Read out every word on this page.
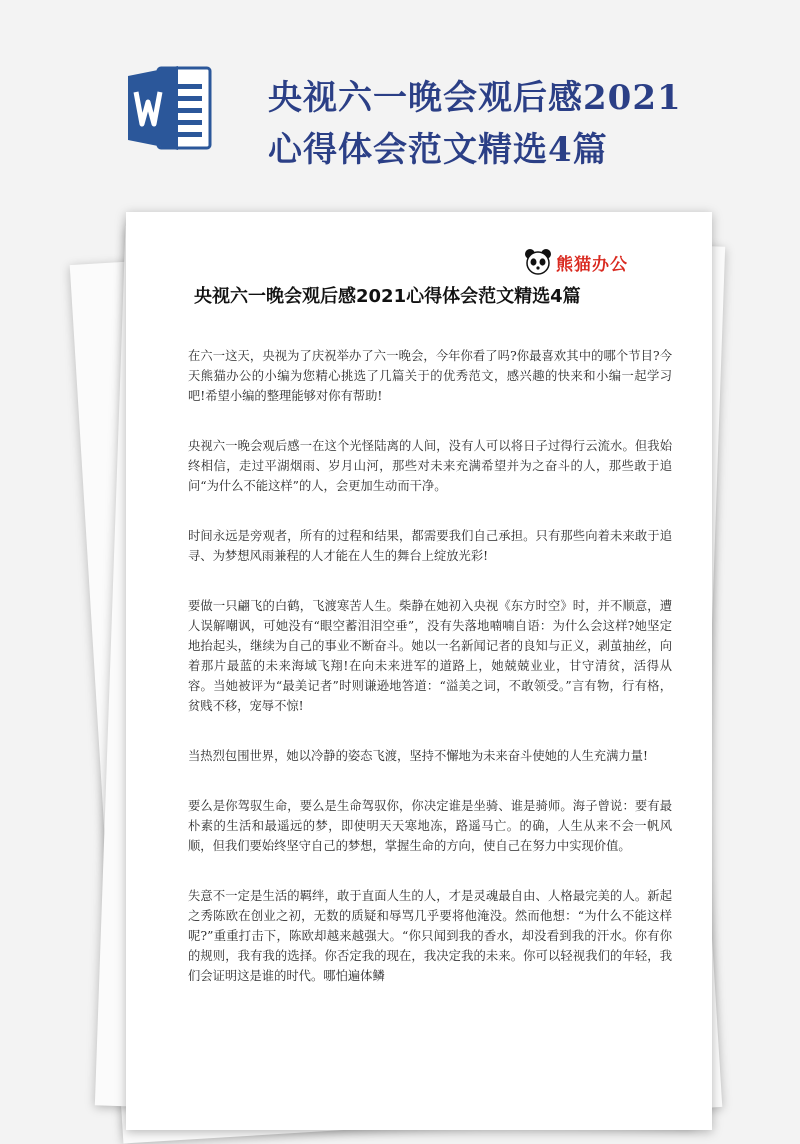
央视六一晚会观后感2021
心得体会范文精选4篇
熊猫办公
央视六一晚会观后感2021心得体会范文精选4篇

在六一这天，央视为了庆祝举办了六一晚会，今年你看了吗?你最喜欢其中的哪个节目?今天熊猫办公的小编为您精心挑选了几篇关于的优秀范文，感兴趣的快来和小编一起学习吧!希望小编的整理能够对你有帮助!

央视六一晚会观后感一在这个光怪陆离的人间，没有人可以将日子过得行云流水。但我始终相信，走过平湖烟雨、岁月山河，那些对未来充满希望并为之奋斗的人，那些敢于追问“为什么不能这样”的人，会更加生动而干净。

时间永远是旁观者，所有的过程和结果，都需要我们自己承担。只有那些向着未来敢于追寻、为梦想风雨兼程的人才能在人生的舞台上绽放光彩!

要做一只翩飞的白鹤，飞渡寒苦人生。柴静在她初入央视《东方时空》时，并不顺意，遭人误解嘲讽，可她没有“眼空蓄泪泪空垂”，没有失落地喃喃自语：为什么会这样?她坚定地抬起头，继续为自己的事业不断奋斗。她以一名新闻记者的良知与正义，剥茧抽丝，向着那片最蓝的未来海域飞翔!在向未来进军的道路上，她兢兢业业，甘守清贫，活得从容。当她被评为“最美记者”时则谦逊地答道：“溢美之词，不敢领受。”言有物，行有格，贫贱不移，宠辱不惊!

当热烈包围世界，她以冷静的姿态飞渡，坚持不懈地为未来奋斗使她的人生充满力量!

要么是你驾驭生命，要么是生命驾驭你，你决定谁是坐骑、谁是骑师。海子曾说：要有最朴素的生活和最遥远的梦，即使明天天寒地冻，路遥马亡。的确，人生从来不会一帆风顺，但我们要始终坚守自己的梦想，掌握生命的方向，使自己在努力中实现价值。

失意不一定是生活的羁绊，敢于直面人生的人，才是灵魂最自由、人格最完美的人。新起之秀陈欧在创业之初，无数的质疑和辱骂几乎要将他淹没。然而他想：“为什么不能这样呢?”重重打击下，陈欧却越来越强大。“你只闻到我的香水，却没看到我的汗水。你有你的规则，我有我的选择。你否定我的现在，我决定我的未来。你可以轻视我们的年轻，我们会证明这是谁的时代。哪怕遍体鳞
